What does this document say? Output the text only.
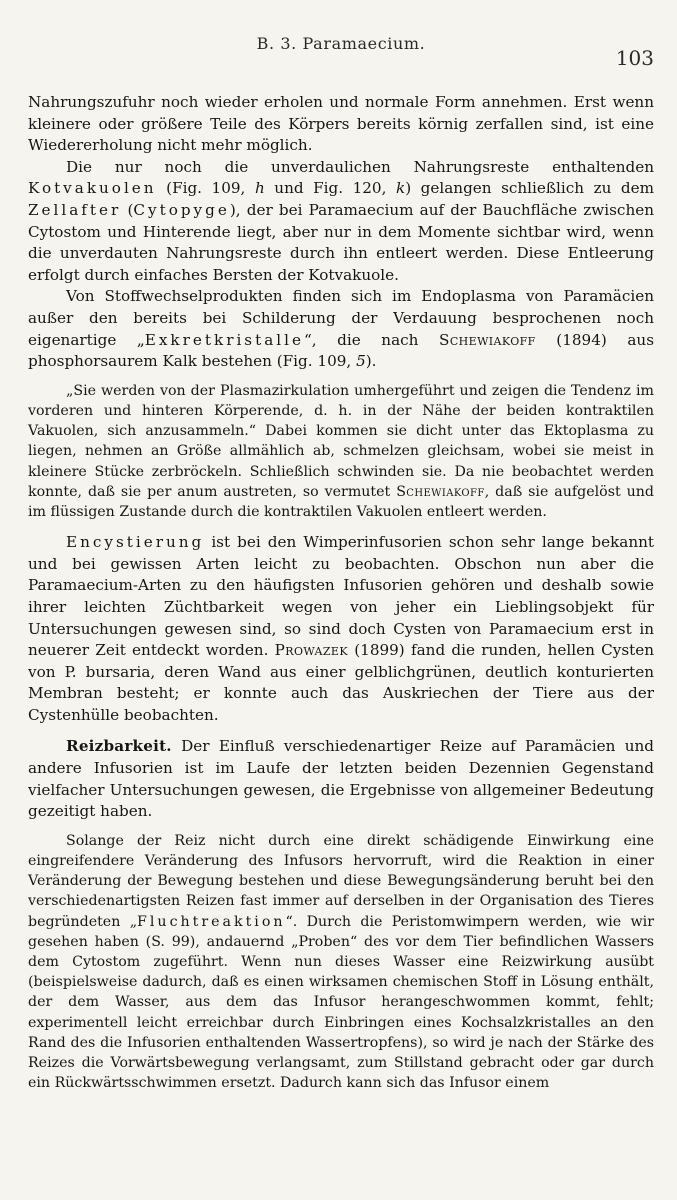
B. 3. Paramaecium.
103

Nahrungszufuhr noch wieder erholen und normale Form annehmen. Erst wenn kleinere oder größere Teile des Körpers bereits körnig zerfallen sind, ist eine Wiedererholung nicht mehr möglich.

Die nur noch die unverdaulichen Nahrungsreste enthaltenden Kotvakuolen (Fig. 109, h und Fig. 120, k) gelangen schließlich zu dem Zellafter (Cytopyge), der bei Paramaecium auf der Bauchfläche zwischen Cytostom und Hinterende liegt, aber nur in dem Momente sichtbar wird, wenn die unverdauten Nahrungsreste durch ihn entleert werden. Diese Entleerung erfolgt durch einfaches Bersten der Kotvakuole.

Von Stoffwechselprodukten finden sich im Endoplasma von Paramäcien außer den bereits bei Schilderung der Verdauung besprochenen noch eigenartige „Exkretkristalle“, die nach Schewiakoff (1894) aus phosphorsaurem Kalk bestehen (Fig. 109, 5).

„Sie werden von der Plasmazirkulation umhergeführt und zeigen die Tendenz im vorderen und hinteren Körperende, d. h. in der Nähe der beiden kontraktilen Vakuolen, sich anzusammeln.“ Dabei kommen sie dicht unter das Ektoplasma zu liegen, nehmen an Größe allmählich ab, schmelzen gleichsam, wobei sie meist in kleinere Stücke zerbröckeln. Schließlich schwinden sie. Da nie beobachtet werden konnte, daß sie per anum austreten, so vermutet Schewiakoff, daß sie aufgelöst und im flüssigen Zustande durch die kontraktilen Vakuolen entleert werden.

Encystierung ist bei den Wimperinfusorien schon sehr lange bekannt und bei gewissen Arten leicht zu beobachten. Obschon nun aber die Paramaecium-Arten zu den häufigsten Infusorien gehören und deshalb sowie ihrer leichten Züchtbarkeit wegen von jeher ein Lieblingsobjekt für Untersuchungen gewesen sind, so sind doch Cysten von Paramaecium erst in neuerer Zeit entdeckt worden. Prowazek (1899) fand die runden, hellen Cysten von P. bursaria, deren Wand aus einer gelblichgrünen, deutlich konturierten Membran besteht; er konnte auch das Auskriechen der Tiere aus der Cystenhülle beobachten.

Reizbarkeit. Der Einfluß verschiedenartiger Reize auf Paramäcien und andere Infusorien ist im Laufe der letzten beiden Dezennien Gegenstand vielfacher Untersuchungen gewesen, die Ergebnisse von allgemeiner Bedeutung gezeitigt haben.

Solange der Reiz nicht durch eine direkt schädigende Einwirkung eine eingreifendere Veränderung des Infusors hervorruft, wird die Reaktion in einer Veränderung der Bewegung bestehen und diese Bewegungsänderung beruht bei den verschiedenartigsten Reizen fast immer auf derselben in der Organisation des Tieres begründeten „Fluchtreaktion“. Durch die Peristomwimpern werden, wie wir gesehen haben (S. 99), andauernd „Proben“ des vor dem Tier befindlichen Wassers dem Cytostom zugeführt. Wenn nun dieses Wasser eine Reizwirkung ausübt (beispielsweise dadurch, daß es einen wirksamen chemischen Stoff in Lösung enthält, der dem Wasser, aus dem das Infusor herangeschwommen kommt, fehlt; experimentell leicht erreichbar durch Einbringen eines Kochsalzkristalles an den Rand des die Infusorien enthaltenden Wassertropfens), so wird je nach der Stärke des Reizes die Vorwärtsbewegung verlangsamt, zum Stillstand gebracht oder gar durch ein Rückwärtsschwimmen ersetzt. Dadurch kann sich das Infusor einem
